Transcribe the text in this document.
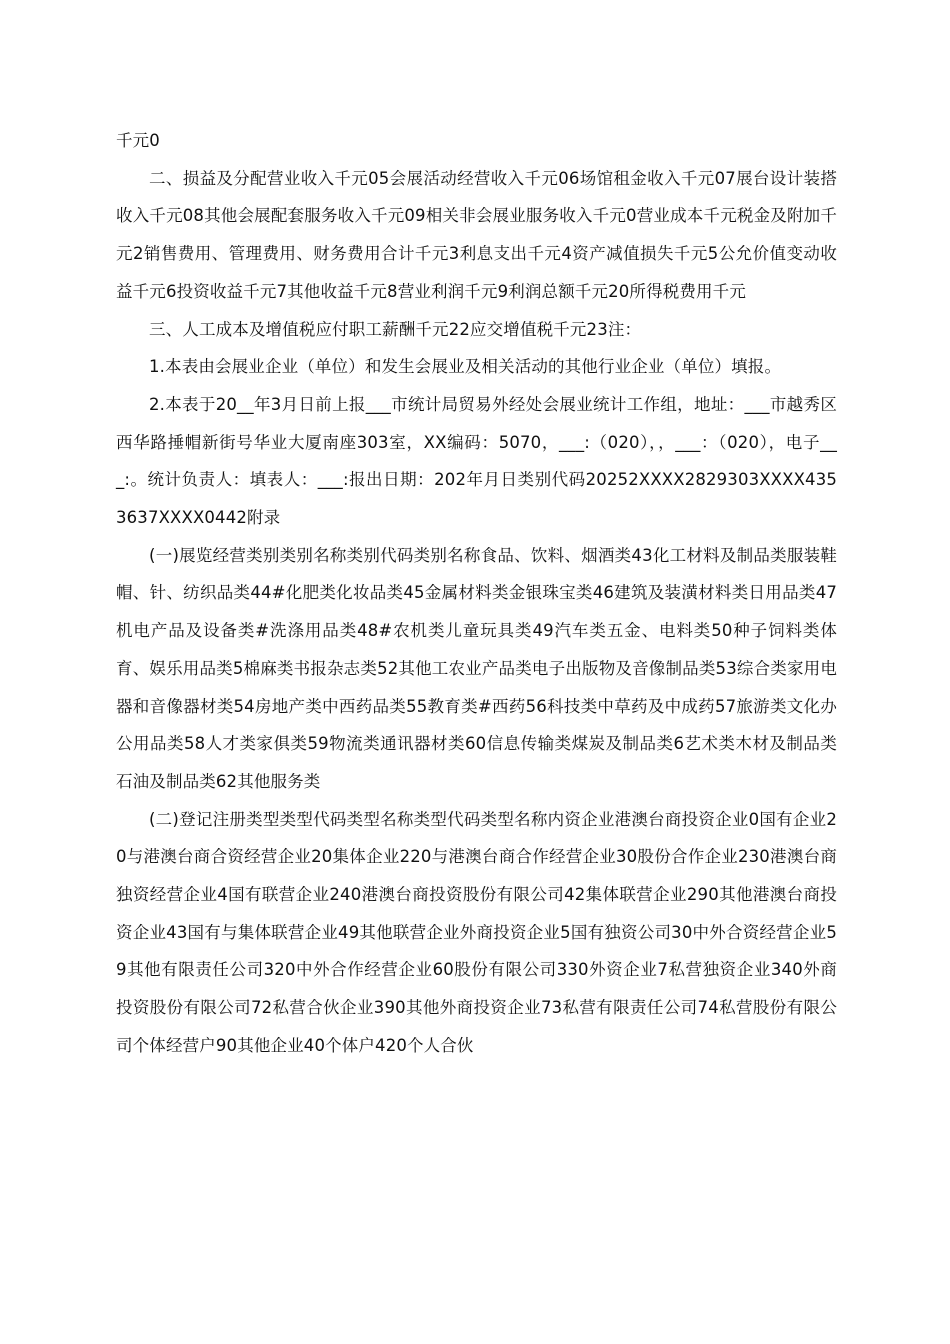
千元0

二、损益及分配营业收入千元05会展活动经营收入千元06场馆租金收入千元07展台设计装搭收入千元08其他会展配套服务收入千元09相关非会展业服务收入千元0营业成本千元税金及附加千元2销售费用、管理费用、财务费用合计千元3利息支出千元4资产减值损失千元5公允价值变动收益千元6投资收益千元7其他收益千元8营业利润千元9利润总额千元20所得税费用千元

三、人工成本及增值税应付职工薪酬千元22应交增值税千元23注：

1.本表由会展业企业（单位）和发生会展业及相关活动的其他行业企业（单位）填报。

2.本表于20__年3月日前上报___市统计局贸易外经处会展业统计工作组，地址：___市越秀区西华路捶帽新街号华业大厦南座303室，XX编码：5070，___:（020），，___：（020），电子___:。统计负责人：填表人：___:报出日期：202年月日类别代码20252XXXX2829303XXXX4353637XXXX0442附录

(一)展览经营类别类别名称类别代码类别名称食品、饮料、烟酒类43化工材料及制品类服装鞋帽、针、纺织品类44#化肥类化妆品类45金属材料类金银珠宝类46建筑及装潢材料类日用品类47机电产品及设备类#洗涤用品类48#农机类儿童玩具类49汽车类五金、电料类50种子饲料类体育、娱乐用品类5棉麻类书报杂志类52其他工农业产品类电子出版物及音像制品类53综合类家用电器和音像器材类54房地产类中西药品类55教育类#西药56科技类中草药及中成药57旅游类文化办公用品类58人才类家俱类59物流类通讯器材类60信息传输类煤炭及制品类6艺术类木材及制品类石油及制品类62其他服务类

(二)登记注册类型类型代码类型名称类型代码类型名称内资企业港澳台商投资企业0国有企业20与港澳台商合资经营企业20集体企业220与港澳台商合作经营企业30股份合作企业230港澳台商独资经营企业4国有联营企业240港澳台商投资股份有限公司42集体联营企业290其他港澳台商投资企业43国有与集体联营企业49其他联营企业外商投资企业5国有独资公司30中外合资经营企业59其他有限责任公司320中外合作经营企业60股份有限公司330外资企业7私营独资企业340外商投资股份有限公司72私营合伙企业390其他外商投资企业73私营有限责任公司74私营股份有限公司个体经营户90其他企业40个体户420个人合伙
